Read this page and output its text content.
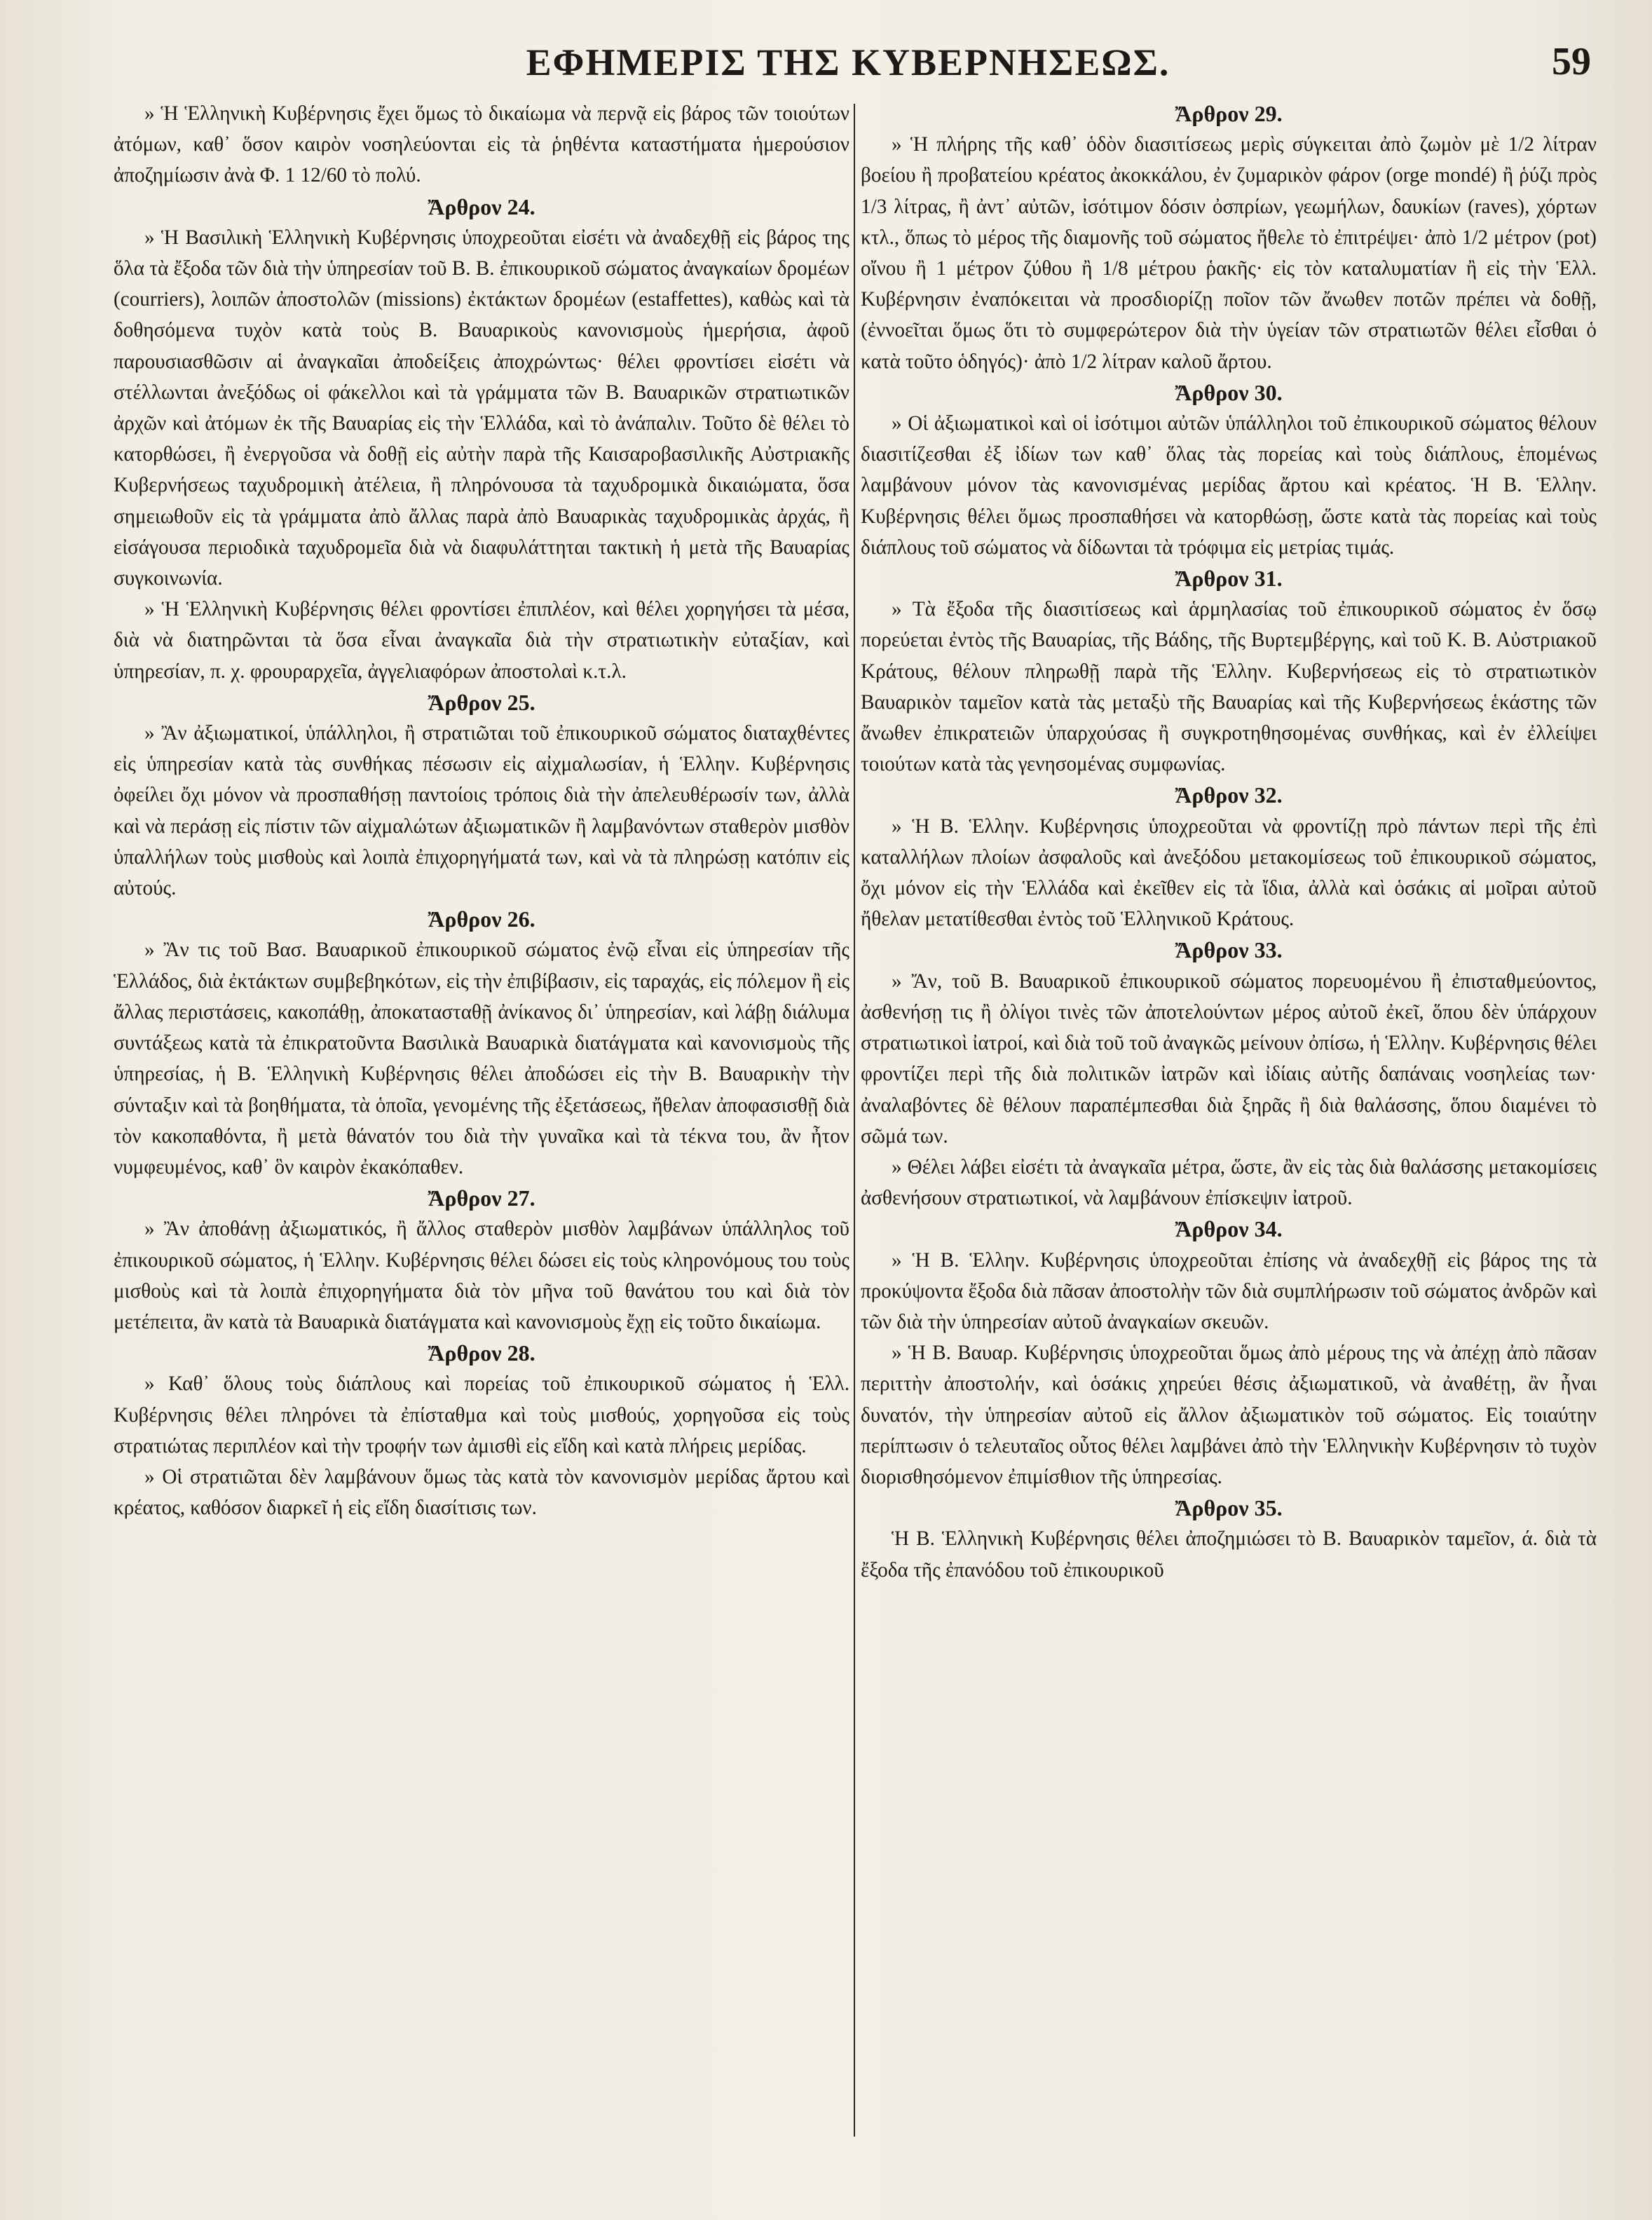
ΕΦΗΜΕΡΙΣ ΤΗΣ ΚΥΒΕΡΝΗΣΕΩΣ.	59

» Ἡ Ἑλληνικὴ Κυβέρνησις ἔχει ὅμως τὸ δικαίωμα νὰ περνᾷ εἰς βάρος τῶν τοιούτων ἀτόμων, καθ᾽ ὅσον καιρὸν νοσηλεύονται εἰς τὰ ῥηθέντα καταστήματα ἡμερούσιον ἀποζημίωσιν ἀνὰ Φ. 1 12/60 τὸ πολύ.

Ἄρθρον 24.

» Ἡ Βασιλικὴ Ἑλληνικὴ Κυβέρνησις ὑποχρεοῦται εἰσέτι νὰ ἀναδεχθῇ εἰς βάρος της ὅλα τὰ ἔξοδα τῶν διὰ τὴν ὑπηρεσίαν τοῦ Β. Β. ἐπικουρικοῦ σώματος ἀναγκαίων δρομέων (courriers), λοιπῶν ἀποστολῶν (missions) ἐκτάκτων δρομέων (estaffettes), καθὼς καὶ τὰ δοθησόμενα τυχὸν κατὰ τοὺς Β. Βαυαρικοὺς κανονισμοὺς ἡμερήσια, ἀφοῦ παρουσιασθῶσιν αἱ ἀναγκαῖαι ἀποδείξεις ἀποχρώντως· θέλει φροντίσει εἰσέτι νὰ στέλλωνται ἀνεξόδως οἱ φάκελλοι καὶ τὰ γράμματα τῶν Β. Βαυαρικῶν στρατιωτικῶν ἀρχῶν καὶ ἀτόμων ἐκ τῆς Βαυαρίας εἰς τὴν Ἑλλάδα, καὶ τὸ ἀνάπαλιν. Τοῦτο δὲ θέλει τὸ κατορθώσει, ἢ ἐνεργοῦσα νὰ δοθῇ εἰς αὐτὴν παρὰ τῆς Καισαροβασιλικῆς Αὐστριακῆς Κυβερνήσεως ταχυδρομικὴ ἀτέλεια, ἢ πληρόνουσα τὰ ταχυδρομικὰ δικαιώματα, ὅσα σημειωθοῦν εἰς τὰ γράμματα ἀπὸ ἄλλας παρὰ ἀπὸ Βαυαρικὰς ταχυδρομικὰς ἀρχάς, ἢ εἰσάγουσα περιοδικὰ ταχυδρομεῖα διὰ νὰ διαφυλάττηται τακτικὴ ἡ μετὰ τῆς Βαυαρίας συγκοινωνία.

» Ἡ Ἑλληνικὴ Κυβέρνησις θέλει φροντίσει ἐπιπλέον, καὶ θέλει χορηγήσει τὰ μέσα, διὰ νὰ διατηρῶνται τὰ ὅσα εἶναι ἀναγκαῖα διὰ τὴν στρατιωτικὴν εὐταξίαν, καὶ ὑπηρεσίαν, π. χ. φρουραρχεῖα, ἀγγελιαφόρων ἀποστολαὶ κ.τ.λ.

Ἄρθρον 25.

» Ἂν ἀξιωματικοί, ὑπάλληλοι, ἢ στρατιῶται τοῦ ἐπικουρικοῦ σώματος διαταχθέντες εἰς ὑπηρεσίαν κατὰ τὰς συνθήκας πέσωσιν εἰς αἰχμαλωσίαν, ἡ Ἑλλην. Κυβέρνησις ὀφείλει ὄχι μόνον νὰ προσπαθήσῃ παντοίοις τρόποις διὰ τὴν ἀπελευθέρωσίν των, ἀλλὰ καὶ νὰ περάσῃ εἰς πίστιν τῶν αἰχμαλώτων ἀξιωματικῶν ἢ λαμβανόντων σταθερὸν μισθὸν ὑπαλλήλων τοὺς μισθοὺς καὶ λοιπὰ ἐπιχορηγήματά των, καὶ νὰ τὰ πληρώσῃ κατόπιν εἰς αὐτούς.

Ἄρθρον 26.

» Ἂν τις τοῦ Βασ. Βαυαρικοῦ ἐπικουρικοῦ σώματος ἐνῷ εἶναι εἰς ὑπηρεσίαν τῆς Ἑλλάδος, διὰ ἐκτάκτων συμβεβηκότων, εἰς τὴν ἐπιβίβασιν, εἰς ταραχάς, εἰς πόλεμον ἢ εἰς ἄλλας περιστάσεις, κακοπάθῃ, ἀποκατασταθῇ ἀνίκανος δι᾽ ὑπηρεσίαν, καὶ λάβῃ διάλυμα συντάξεως κατὰ τὰ ἐπικρατοῦντα Βασιλικὰ Βαυαρικὰ διατάγματα καὶ κανονισμοὺς τῆς ὑπηρεσίας, ἡ Β. Ἑλληνικὴ Κυβέρνησις θέλει ἀποδώσει εἰς τὴν Β. Βαυαρικὴν τὴν σύνταξιν καὶ τὰ βοηθήματα, τὰ ὁποῖα, γενομένης τῆς ἐξετάσεως, ἤθελαν ἀποφασισθῇ διὰ τὸν κακοπαθόντα, ἢ μετὰ θάνατόν του διὰ τὴν γυναῖκα καὶ τὰ τέκνα του, ἂν ἦτον νυμφευμένος, καθ᾽ ὃν καιρὸν ἐκακόπαθεν.

Ἄρθρον 27.

» Ἂν ἀποθάνῃ ἀξιωματικός, ἢ ἄλλος σταθερὸν μισθὸν λαμβάνων ὑπάλληλος τοῦ ἐπικουρικοῦ σώματος, ἡ Ἑλλην. Κυβέρνησις θέλει δώσει εἰς τοὺς κληρονόμους του τοὺς μισθοὺς καὶ τὰ λοιπὰ ἐπιχορηγήματα διὰ τὸν μῆνα τοῦ θανάτου του καὶ διὰ τὸν μετέπειτα, ἂν κατὰ τὰ Βαυαρικὰ διατάγματα καὶ κανονισμοὺς ἔχῃ εἰς τοῦτο δικαίωμα.

Ἄρθρον 28.

» Καθ᾽ ὅλους τοὺς διάπλους καὶ πορείας τοῦ ἐπικουρικοῦ σώματος ἡ Ἑλλ. Κυβέρνησις θέλει πληρόνει τὰ ἐπίσταθμα καὶ τοὺς μισθούς, χορηγοῦσα εἰς τοὺς στρατιώτας περιπλέον καὶ τὴν τροφήν των ἀμισθὶ εἰς εἴδη καὶ κατὰ πλήρεις μερίδας.

» Οἱ στρατιῶται δὲν λαμβάνουν ὅμως τὰς κατὰ τὸν κανονισμὸν μερίδας ἄρτου καὶ κρέατος, καθόσον διαρκεῖ ἡ εἰς εἴδη διασίτισις των.

Ἄρθρον 29.

» Ἡ πλήρης τῆς καθ᾽ ὁδὸν διασιτίσεως μερὶς σύγκειται ἀπὸ ζωμὸν μὲ 1/2 λίτραν βοείου ἢ προβατείου κρέατος ἀκοκκάλου, ἐν ζυμαρικὸν φάρον (orge mondé) ἢ ῥύζι πρὸς 1/3 λίτρας, ἢ ἀντ᾽ αὐτῶν, ἰσότιμον δόσιν ὀσπρίων, γεωμήλων, δαυκίων (raves), χόρτων κτλ., ὅπως τὸ μέρος τῆς διαμονῆς τοῦ σώματος ἤθελε τὸ ἐπιτρέψει· ἀπὸ 1/2 μέτρον (pot) οἴνου ἢ 1 μέτρον ζύθου ἢ 1/8 μέτρου ῥακῆς· εἰς τὸν καταλυματίαν ἢ εἰς τὴν Ἑλλ. Κυβέρνησιν ἐναπόκειται νὰ προσδιορίζῃ ποῖον τῶν ἄνωθεν ποτῶν πρέπει νὰ δοθῇ, (ἐννοεῖται ὅμως ὅτι τὸ συμφερώτερον διὰ τὴν ὑγείαν τῶν στρατιωτῶν θέλει εἶσθαι ὁ κατὰ τοῦτο ὁδηγός)· ἀπὸ 1/2 λίτραν καλοῦ ἄρτου.

Ἄρθρον 30.

» Οἱ ἀξιωματικοὶ καὶ οἱ ἰσότιμοι αὐτῶν ὑπάλληλοι τοῦ ἐπικουρικοῦ σώματος θέλουν διασιτίζεσθαι ἐξ ἰδίων των καθ᾽ ὅλας τὰς πορείας καὶ τοὺς διάπλους, ἑπομένως λαμβάνουν μόνον τὰς κανονισμένας μερίδας ἄρτου καὶ κρέατος. Ἡ Β. Ἑλλην. Κυβέρνησις θέλει ὅμως προσπαθήσει νὰ κατορθώσῃ, ὥστε κατὰ τὰς πορείας καὶ τοὺς διάπλους τοῦ σώματος νὰ δίδωνται τὰ τρόφιμα εἰς μετρίας τιμάς.

Ἄρθρον 31.

» Τὰ ἔξοδα τῆς διασιτίσεως καὶ ἁρμηλασίας τοῦ ἐπικουρικοῦ σώματος ἐν ὅσῳ πορεύεται ἐντὸς τῆς Βαυαρίας, τῆς Βάδης, τῆς Βυρτεμβέργης, καὶ τοῦ Κ. Β. Αὐστριακοῦ Κράτους, θέλουν πληρωθῇ παρὰ τῆς Ἑλλην. Κυβερνήσεως εἰς τὸ στρατιωτικὸν Βαυαρικὸν ταμεῖον κατὰ τὰς μεταξὺ τῆς Βαυαρίας καὶ τῆς Κυβερνήσεως ἑκάστης τῶν ἄνωθεν ἐπικρατειῶν ὑπαρχούσας ἢ συγκροτηθησομένας συνθήκας, καὶ ἐν ἐλλείψει τοιούτων κατὰ τὰς γενησομένας συμφωνίας.

Ἄρθρον 32.

» Ἡ Β. Ἑλλην. Κυβέρνησις ὑποχρεοῦται νὰ φροντίζῃ πρὸ πάντων περὶ τῆς ἐπὶ καταλλήλων πλοίων ἀσφαλοῦς καὶ ἀνεξόδου μετακομίσεως τοῦ ἐπικουρικοῦ σώματος, ὄχι μόνον εἰς τὴν Ἑλλάδα καὶ ἐκεῖθεν εἰς τὰ ἴδια, ἀλλὰ καὶ ὁσάκις αἱ μοῖραι αὐτοῦ ἤθελαν μετατίθεσθαι ἐντὸς τοῦ Ἑλληνικοῦ Κράτους.

Ἄρθρον 33.

» Ἄν, τοῦ Β. Βαυαρικοῦ ἐπικουρικοῦ σώματος πορευομένου ἢ ἐπισταθμεύοντος, ἀσθενήσῃ τις ἢ ὀλίγοι τινὲς τῶν ἀποτελούντων μέρος αὐτοῦ ἐκεῖ, ὅπου δὲν ὑπάρχουν στρατιωτικοὶ ἰατροί, καὶ διὰ τοῦ τοῦ ἀναγκῶς μείνουν ὀπίσω, ἡ Ἑλλην. Κυβέρνησις θέλει φροντίζει περὶ τῆς διὰ πολιτικῶν ἰατρῶν καὶ ἰδίαις αὐτῆς δαπάναις νοσηλείας των· ἀναλαβόντες δὲ θέλουν παραπέμπεσθαι διὰ ξηρᾶς ἢ διὰ θαλάσσης, ὅπου διαμένει τὸ σῶμά των.

» Θέλει λάβει εἰσέτι τὰ ἀναγκαῖα μέτρα, ὥστε, ἂν εἰς τὰς διὰ θαλάσσης μετακομίσεις ἀσθενήσουν στρατιωτικοί, νὰ λαμβάνουν ἐπίσκεψιν ἰατροῦ.

Ἄρθρον 34.

» Ἡ Β. Ἑλλην. Κυβέρνησις ὑποχρεοῦται ἐπίσης νὰ ἀναδεχθῇ εἰς βάρος της τὰ προκύψοντα ἔξοδα διὰ πᾶσαν ἀποστολὴν τῶν διὰ συμπλήρωσιν τοῦ σώματος ἀνδρῶν καὶ τῶν διὰ τὴν ὑπηρεσίαν αὐτοῦ ἀναγκαίων σκευῶν.

» Ἡ Β. Βαυαρ. Κυβέρνησις ὑποχρεοῦται ὅμως ἀπὸ μέρους της νὰ ἀπέχῃ ἀπὸ πᾶσαν περιττὴν ἀποστολήν, καὶ ὁσάκις χηρεύει θέσις ἀξιωματικοῦ, νὰ ἀναθέτῃ, ἂν ἦναι δυνατόν, τὴν ὑπηρεσίαν αὐτοῦ εἰς ἄλλον ἀξιωματικὸν τοῦ σώματος. Εἰς τοιαύτην περίπτωσιν ὁ τελευταῖος οὗτος θέλει λαμβάνει ἀπὸ τὴν Ἑλληνικὴν Κυβέρνησιν τὸ τυχὸν διορισθησόμενον ἐπιμίσθιον τῆς ὑπηρεσίας.

Ἄρθρον 35.

Ἡ Β. Ἑλληνικὴ Κυβέρνησις θέλει ἀποζημιώσει τὸ Β. Βαυαρικὸν ταμεῖον, ά. διὰ τὰ ἔξοδα τῆς ἐπανόδου τοῦ ἐπικουρικοῦ
